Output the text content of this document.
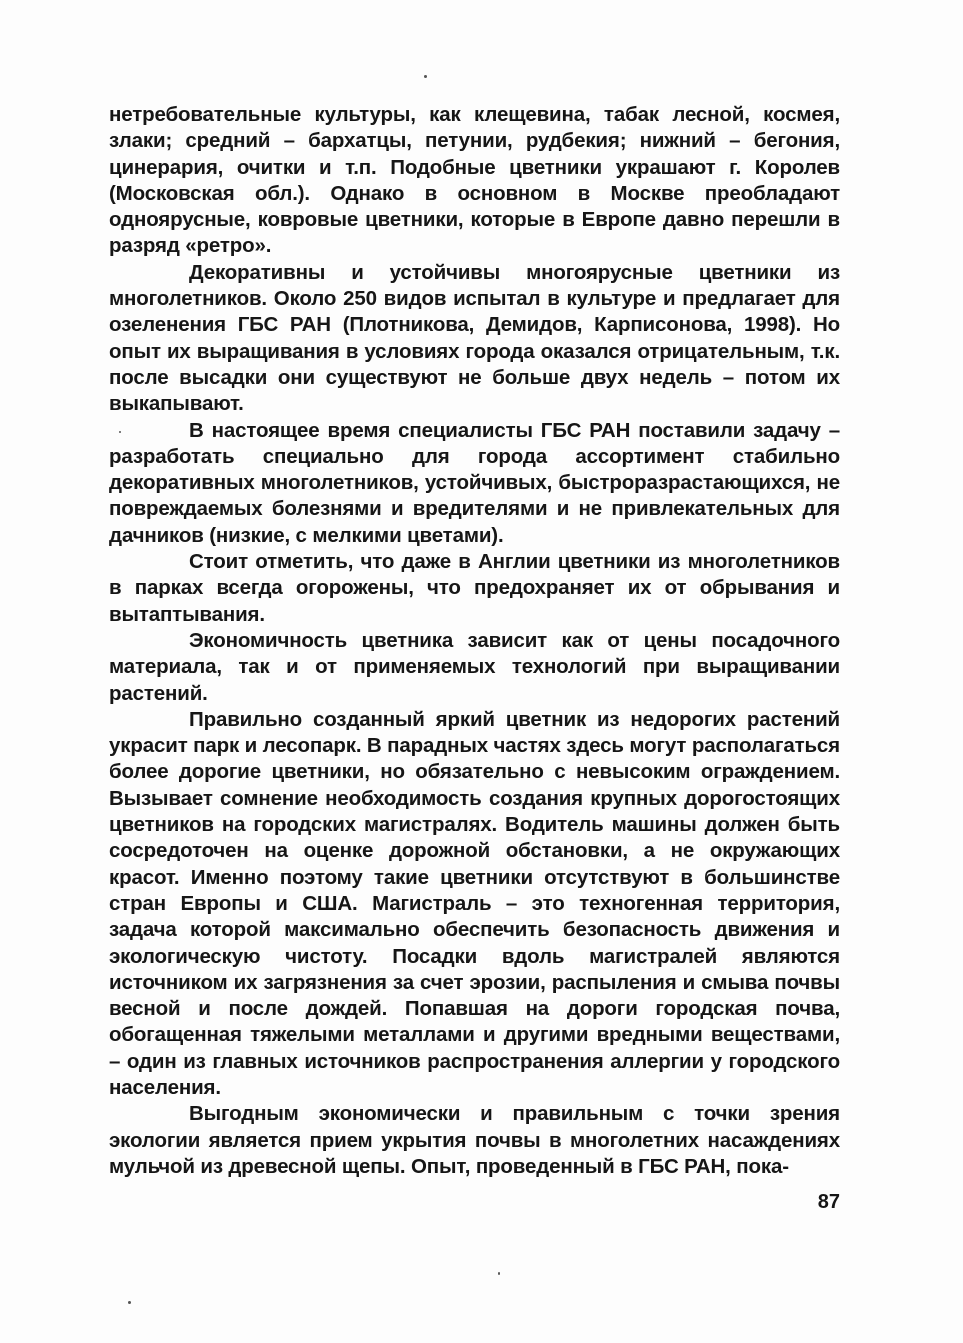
нетребовательные культуры, как клещевина, табак лесной, космея, злаки; средний – бархатцы, петунии, рудбекия; нижний – бегония, цинерария, очитки и т.п. Подобные цветники украшают г. Королев (Московская обл.). Однако в основном в Москве преобладают одноярусные, ковровые цветники, которые в Европе давно перешли в разряд «ретро».

Декоративны и устойчивы многоярусные цветники из многолетников. Около 250 видов испытал в культуре и предлагает для озеленения ГБС РАН (Плотникова, Демидов, Карписонова, 1998). Но опыт их выращивания в условиях города оказался отрицательным, т.к. после высадки они существуют не больше двух недель – потом их выкапывают.

В настоящее время специалисты ГБС РАН поставили задачу – разработать специально для города ассортимент стабильно декоративных многолетников, устойчивых, быстроразрастающихся, не повреждаемых болезнями и вредителями и не привлекательных для дачников (низкие, с мелкими цветами).

Стоит отметить, что даже в Англии цветники из многолетников в парках всегда огорожены, что предохраняет их от обрывания и вытаптывания.

Экономичность цветника зависит как от цены посадочного материала, так и от применяемых технологий при выращивании растений.

Правильно созданный яркий цветник из недорогих растений украсит парк и лесопарк. В парадных частях здесь могут располагаться более дорогие цветники, но обязательно с невысоким ограждением. Вызывает сомнение необходимость создания крупных дорогостоящих цветников на городских магистралях. Водитель машины должен быть сосредоточен на оценке дорожной обстановки, а не окружающих красот. Именно поэтому такие цветники отсутствуют в большинстве стран Европы и США. Магистраль – это техногенная территория, задача которой максимально обеспечить безопасность движения и экологическую чистоту. Посадки вдоль магистралей являются источником их загрязнения за счет эрозии, распыления и смыва почвы весной и после дождей. Попавшая на дороги городская почва, обогащенная тяжелыми металлами и другими вредными веществами, – один из главных источников распространения аллергии у городского населения.

Выгодным экономически и правильным с точки зрения экологии является прием укрытия почвы в многолетних насаждениях мульчой из древесной щепы. Опыт, проведенный в ГБС РАН, пока-

87
